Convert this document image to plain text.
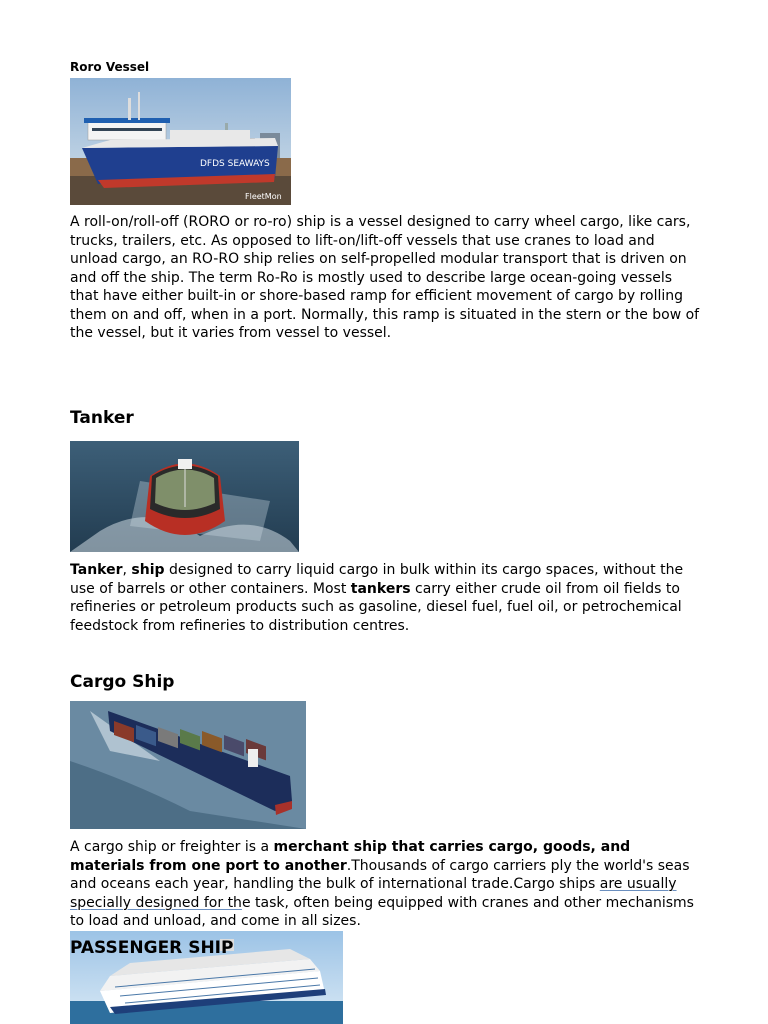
Roro Vessel
DFDS SEAWAYS
FleetMon

A roll-on/roll-off (RORO or ro-ro) ship is a vessel designed to carry wheel cargo, like cars, trucks, trailers, etc. As opposed to lift-on/lift-off vessels that use cranes to load and unload cargo, an RO-RO ship relies on self-propelled modular transport that is driven on and off the ship. The term Ro-Ro is mostly used to describe large ocean-going vessels that have either built-in or shore-based ramp for efficient movement of cargo by rolling them on and off, when in a port. Normally, this ramp is situated in the stern or the bow of the vessel, but it varies from vessel to vessel.

Tanker

Tanker, ship designed to carry liquid cargo in bulk within its cargo spaces, without the use of barrels or other containers. Most tankers carry either crude oil from oil fields to refineries or petroleum products such as gasoline, diesel fuel, fuel oil, or petrochemical feedstock from refineries to distribution centres.

Cargo Ship

A cargo ship or freighter is a merchant ship that carries cargo, goods, and materials from one port to another.Thousands of cargo carriers ply the world's seas and oceans each year, handling the bulk of international trade.Cargo ships are usually specially designed for the task, often being equipped with cranes and other mechanisms to load and unload, and come in all sizes.

PASSENGER SHIP
